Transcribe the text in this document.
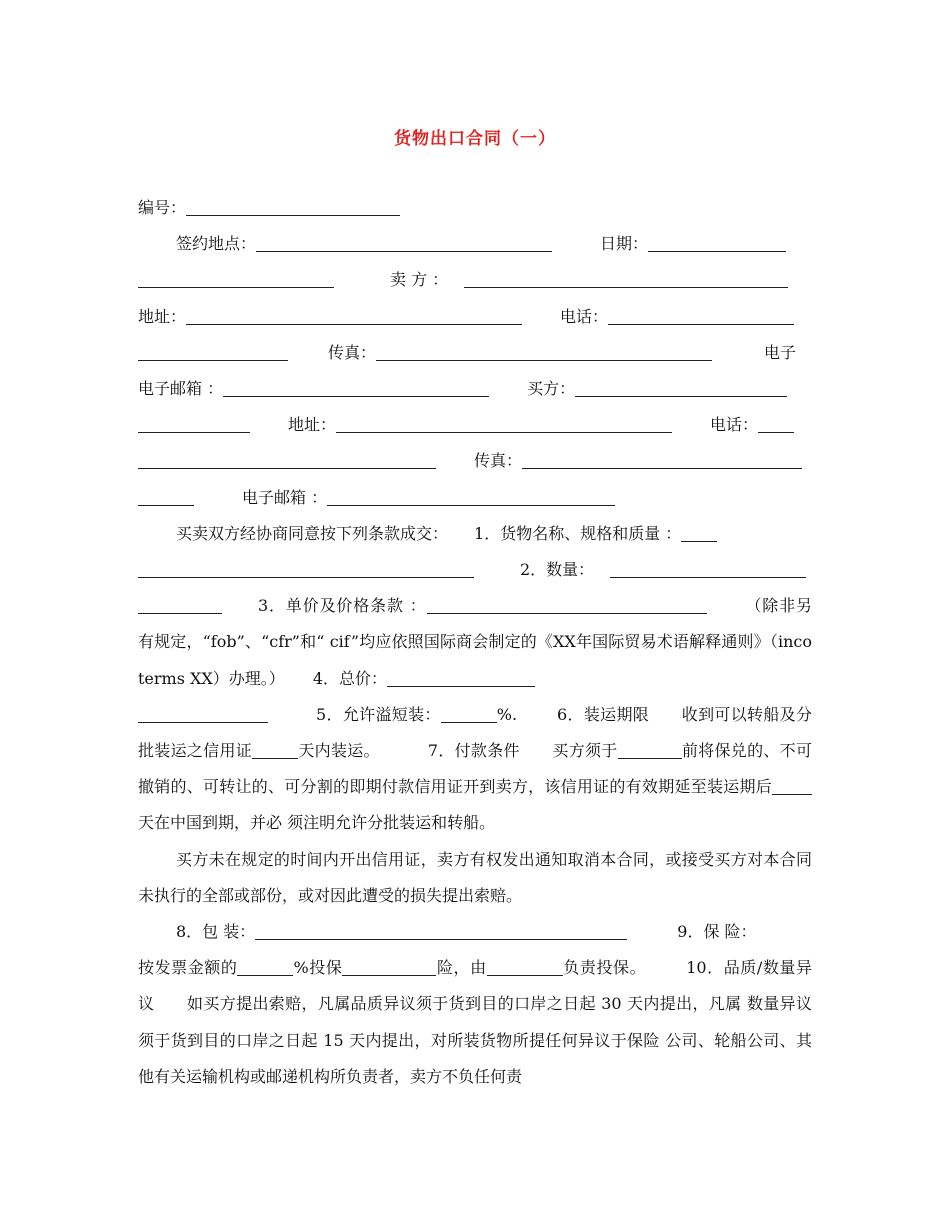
货物出口合同（一）

编号：

签约地点：	日期：

卖 方 ：

地址：	电话：

传真：	电子

电子邮箱 ：	买方：

地址：	电话：

传真：

电子邮箱 ：

买卖双方经协商同意按下列条款成交： 1．货物名称、规格和质量 ：

2．数量：

3．单价及价格条款 ：	（除非另有规定，“fob”、“cfr”和“ cif”均应依照国际商会制定的《XX年国际贸易术语解释通则》（incoterms XX）办理。） 4．总价：

5．允许溢短装：	%.	6．装运期限　　收到可以转船及分批装运之信用证	天内装运。	7．付款条件　　买方须于	前将保兑的、不可撤销的、可转让的、可分割的即期付款信用证开到卖方，该信用证的有效期延至装运期后天在中国到期，并必 须注明允许分批装运和转船。

买方未在规定的时间内开出信用证，卖方有权发出通知取消本合同，或接受买方对本合同未执行的全部或部份，或对因此遭受的损失提出索赔。

8．包 装：	9．保 险：

按发票金额的	%投保	险，由	负责投保。	10．品质/数量异议　　如买方提出索赔，凡属品质异议须于货到目的口岸之日起 30 天内提出，凡属 数量异议须于货到目的口岸之日起 15 天内提出，对所装货物所提任何异议于保险 公司、轮船公司、其他有关运输机构或邮递机构所负责者，卖方不负任何责
